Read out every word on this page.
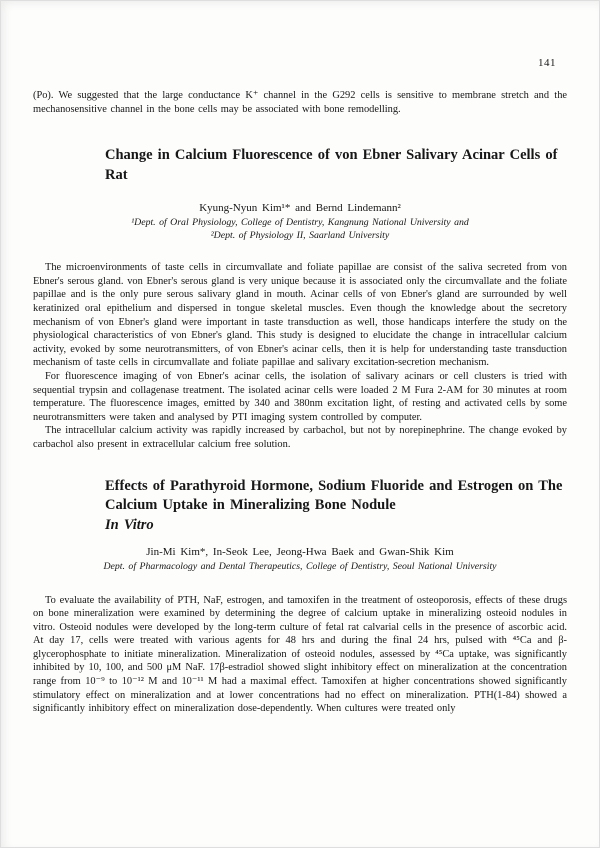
141

(Po). We suggested that the large conductance K⁺ channel in the G292 cells is sensitive to membrane stretch and the mechanosensitive channel in the bone cells may be associated with bone remodelling.

Change in Calcium Fluorescence of von Ebner Salivary Acinar Cells of Rat
Kyung-Nyun Kim¹* and Bernd Lindemann²
¹Dept. of Oral Physiology, College of Dentistry, Kangnung National University and
²Dept. of Physiology II, Saarland University

The microenvironments of taste cells in circumvallate and foliate papillae are consist of the saliva secreted from von Ebner's serous gland. von Ebner's serous gland is very unique because it is associated only the circumvallate and the foliate papillae and is the only pure serous salivary gland in mouth. Acinar cells of von Ebner's gland are surrounded by well keratinized oral epithelium and dispersed in tongue skeletal muscles. Even though the knowledge about the secretory mechanism of von Ebner's gland were important in taste transduction as well, those handicaps interfere the study on the physiological characteristics of von Ebner's gland. This study is designed to elucidate the change in intracellular calcium activity, evoked by some neurotransmitters, of von Ebner's acinar cells, then it is help for understanding taste transduction mechanism of taste cells in circumvallate and foliate papillae and salivary excitation-secretion mechanism.

For fluorescence imaging of von Ebner's acinar cells, the isolation of salivary acinars or cell clusters is tried with sequential trypsin and collagenase treatment. The isolated acinar cells were loaded 2 M Fura 2-AM for 30 minutes at room temperature. The fluorescence images, emitted by 340 and 380nm excitation light, of resting and activated cells by some neurotransmitters were taken and analysed by PTI imaging system controlled by computer.

The intracellular calcium activity was rapidly increased by carbachol, but not by norepinephrine. The change evoked by carbachol also present in extracellular calcium free solution.

Effects of Parathyroid Hormone, Sodium Fluoride and Estrogen on The Calcium Uptake in Mineralizing Bone Nodule
In Vitro
Jin-Mi Kim*, In-Seok Lee, Jeong-Hwa Baek and Gwan-Shik Kim
Dept. of Pharmacology and Dental Therapeutics, College of Dentistry, Seoul National University

To evaluate the availability of PTH, NaF, estrogen, and tamoxifen in the treatment of osteoporosis, effects of these drugs on bone mineralization were examined by determining the degree of calcium uptake in mineralizing osteoid nodules in vitro. Osteoid nodules were developed by the long-term culture of fetal rat calvarial cells in the presence of ascorbic acid. At day 17, cells were treated with various agents for 48 hrs and during the final 24 hrs, pulsed with ⁴⁵Ca and β-glycerophosphate to initiate mineralization. Mineralization of osteoid nodules, assessed by ⁴⁵Ca uptake, was significantly inhibited by 10, 100, and 500 μM NaF. 17β-estradiol showed slight inhibitory effect on mineralization at the concentration range from 10⁻⁹ to 10⁻¹² M and 10⁻¹¹ M had a maximal effect. Tamoxifen at higher concentrations showed significantly stimulatory effect on mineralization and at lower concentrations had no effect on mineralization. PTH(1-84) showed a significantly inhibitory effect on mineralization dose-dependently. When cultures were treated only
